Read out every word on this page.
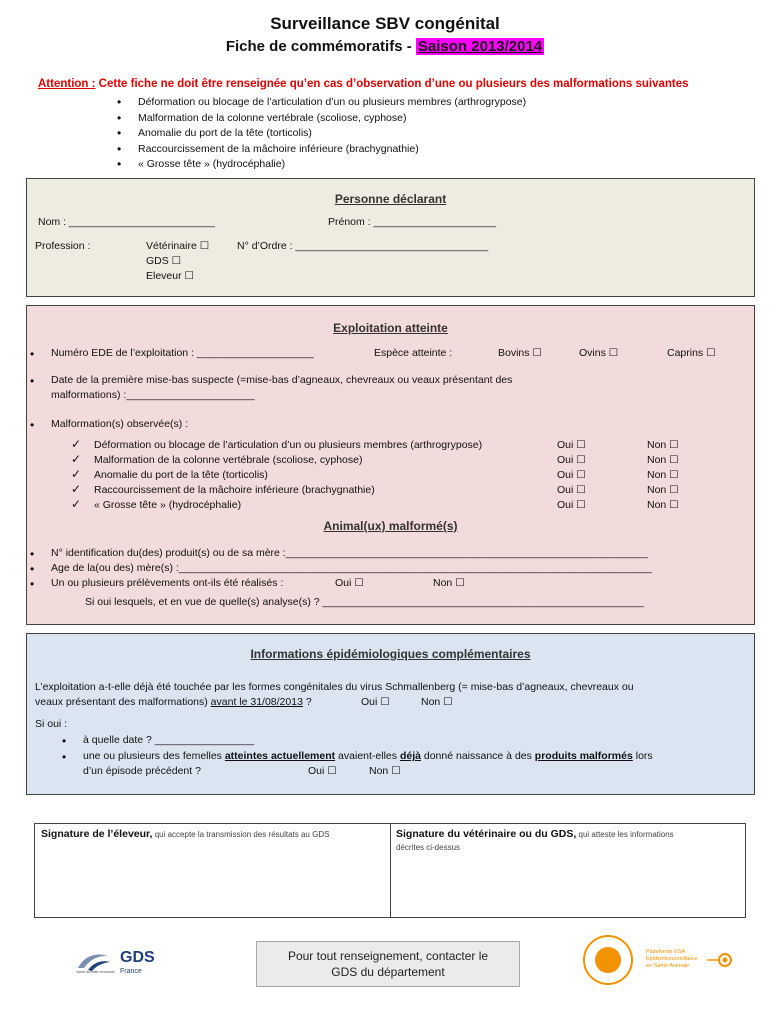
Surveillance SBV congénital
Fiche de commémoratifs - Saison 2013/2014
Attention : Cette fiche ne doit être renseignée qu’en cas d’observation d’une ou plusieurs des malformations suivantes
• Déformation ou blocage de l’articulation d’un ou plusieurs membres (arthrogrypose)
• Malformation de la colonne vertébrale (scoliose, cyphose)
• Anomalie du port de la tête (torticolis)
• Raccourcissement de la mâchoire inférieure (brachygnathie)
• « Grosse tête » (hydrocéphalie)
Personne déclarant
Nom : _________________________	Prénom : _____________________
Profession :	Vétérinaire ☐	N° d’Ordre : _________________________________
GDS ☐
Eleveur ☐
Exploitation atteinte
• Numéro EDE de l’exploitation : ____________________	Espèce atteinte :	Bovins ☐	Ovins ☐	Caprins ☐
• Date de la première mise-bas suspecte (=mise-bas d’agneaux, chevreaux ou veaux présentant des
malformations) :______________________
• Malformation(s) observée(s) :
✓ Déformation ou blocage de l’articulation d’un ou plusieurs membres (arthrogrypose)	Oui ☐	Non ☐
✓ Malformation de la colonne vertébrale (scoliose, cyphose)	Oui ☐	Non ☐
✓ Anomalie du port de la tête (torticolis)	Oui ☐	Non ☐
✓ Raccourcissement de la mâchoire inférieure (brachygnathie)	Oui ☐	Non ☐
✓ « Grosse tête » (hydrocéphalie)	Oui ☐	Non ☐
Animal(ux) malformé(s)
• N° identification du(des) produit(s) ou de sa mère :______________________________________________________________
• Age de la(ou des) mère(s) :_________________________________________________________________________________
• Un ou plusieurs prélèvements ont-ils été réalisés :	Oui ☐	Non ☐
Si oui lesquels, et en vue de quelle(s) analyse(s) ? _______________________________________________________
Informations épidémiologiques complémentaires
L’exploitation a-t-elle déjà été touchée par les formes congénitales du virus Schmallenberg (= mise-bas d’agneaux, chevreaux ou
veaux présentant des malformations) avant le 31/08/2013 ?	Oui ☐	Non ☐
Si oui :
• à quelle date ? _________________
• une ou plusieurs des femelles atteintes actuellement avaient-elles déjà donné naissance à des produits malformés lors
d’un épisode précédent ?	Oui ☐	Non ☐
Signature de l’éleveur, qui accepte la transmission des résultats au GDS	Signature du vétérinaire ou du GDS, qui atteste les informations
décrites ci-dessus
GDS
France
Santé animale ensemble
Pour tout renseignement, contacter le
GDS du département
Plateforme ESA
Epidémiosurveillance
en Santé Animale
